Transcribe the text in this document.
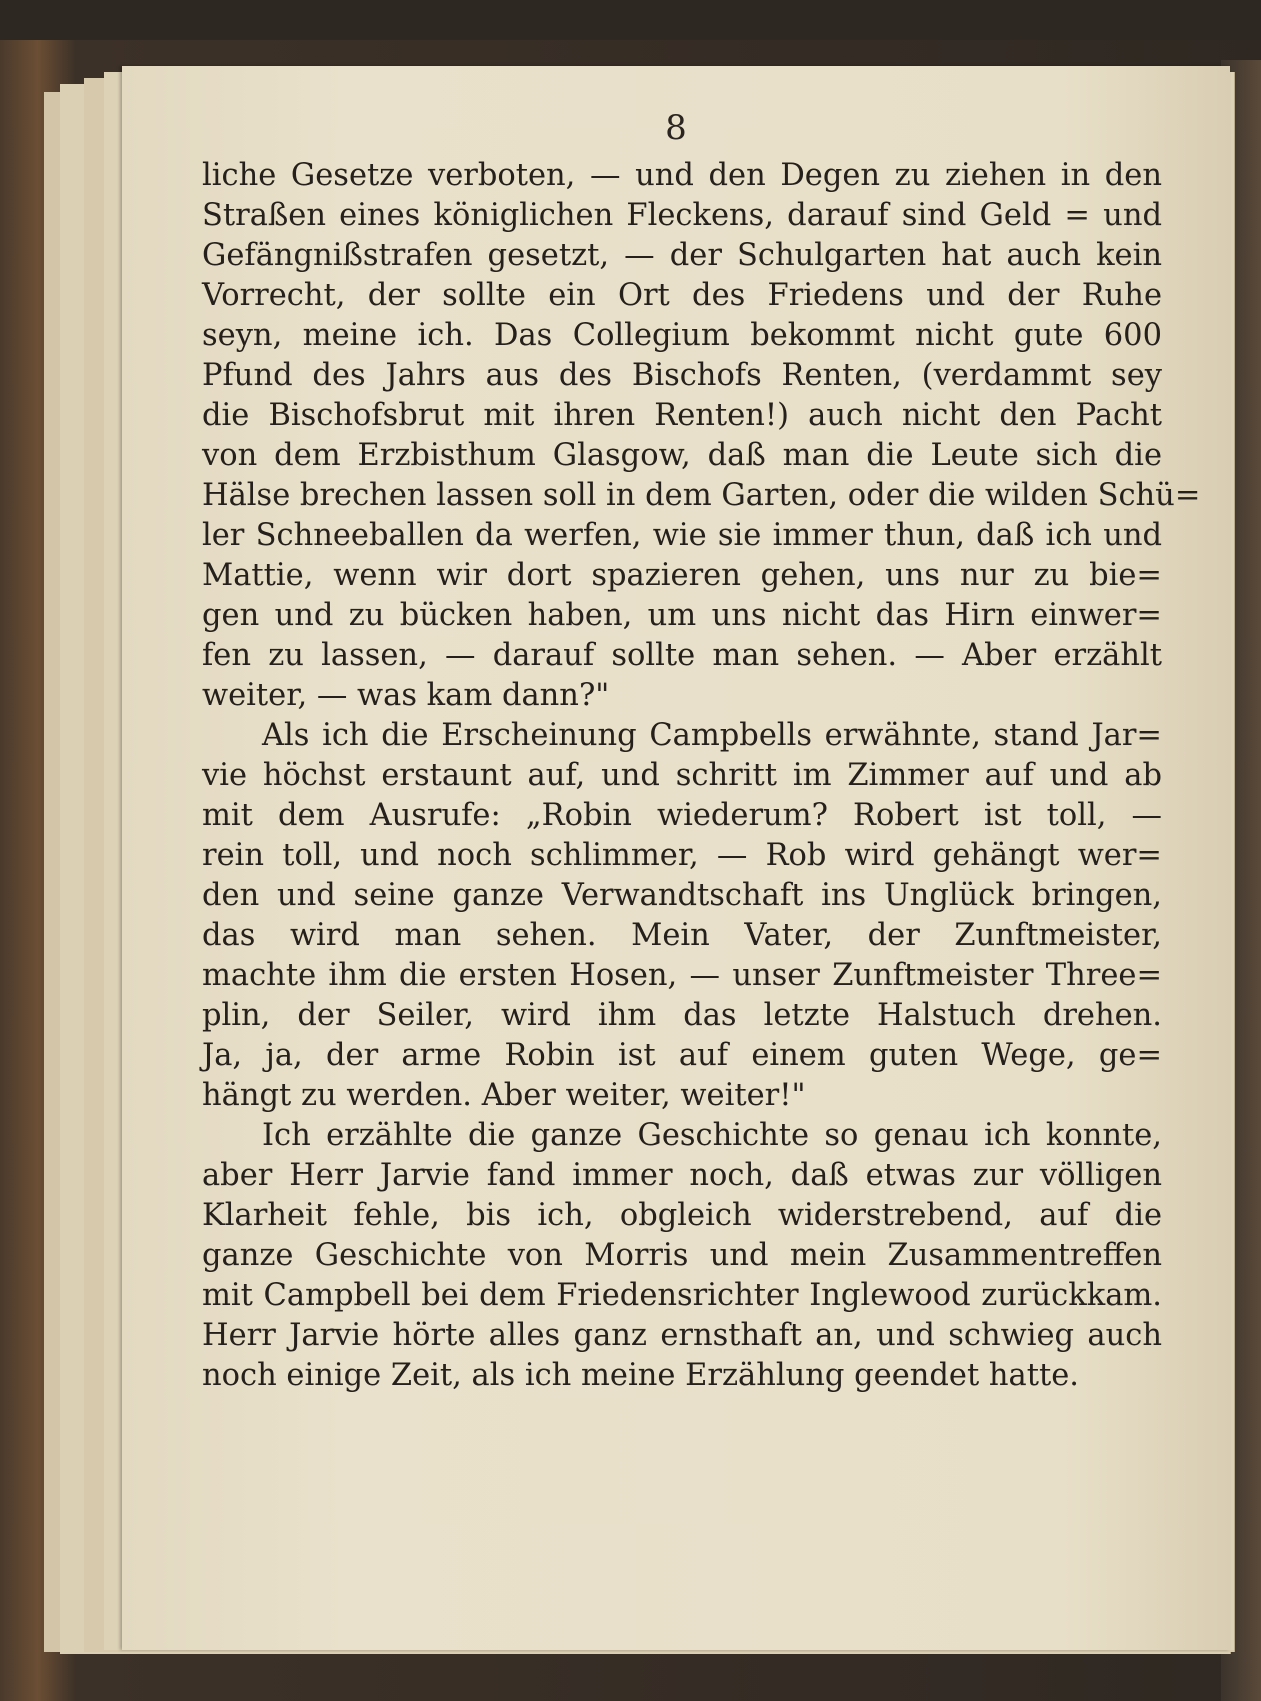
8
liche Gesetze verboten, — und den Degen zu ziehen in den
Straßen eines königlichen Fleckens, darauf sind Geld = und
Gefängnißstrafen gesetzt, — der Schulgarten hat auch kein
Vorrecht, der sollte ein Ort des Friedens und der Ruhe
seyn, meine ich. Das Collegium bekommt nicht gute 600
Pfund des Jahrs aus des Bischofs Renten, (verdammt sey
die Bischofsbrut mit ihren Renten!) auch nicht den Pacht
von dem Erzbisthum Glasgow, daß man die Leute sich die
Hälse brechen lassen soll in dem Garten, oder die wilden Schü=
ler Schneeballen da werfen, wie sie immer thun, daß ich und
Mattie, wenn wir dort spazieren gehen, uns nur zu bie=
gen und zu bücken haben, um uns nicht das Hirn einwer=
fen zu lassen, — darauf sollte man sehen. — Aber erzählt
weiter, — was kam dann?"
Als ich die Erscheinung Campbells erwähnte, stand Jar=
vie höchst erstaunt auf, und schritt im Zimmer auf und ab
mit dem Ausrufe: „Robin wiederum? Robert ist toll, —
rein toll, und noch schlimmer, — Rob wird gehängt wer=
den und seine ganze Verwandtschaft ins Unglück bringen,
das wird man sehen. Mein Vater, der Zunftmeister,
machte ihm die ersten Hosen, — unser Zunftmeister Three=
plin, der Seiler, wird ihm das letzte Halstuch drehen.
Ja, ja, der arme Robin ist auf einem guten Wege, ge=
hängt zu werden. Aber weiter, weiter!"
Ich erzählte die ganze Geschichte so genau ich konnte,
aber Herr Jarvie fand immer noch, daß etwas zur völligen
Klarheit fehle, bis ich, obgleich widerstrebend, auf die
ganze Geschichte von Morris und mein Zusammentreffen
mit Campbell bei dem Friedensrichter Inglewood zurückkam.
Herr Jarvie hörte alles ganz ernsthaft an, und schwieg auch
noch einige Zeit, als ich meine Erzählung geendet hatte.
